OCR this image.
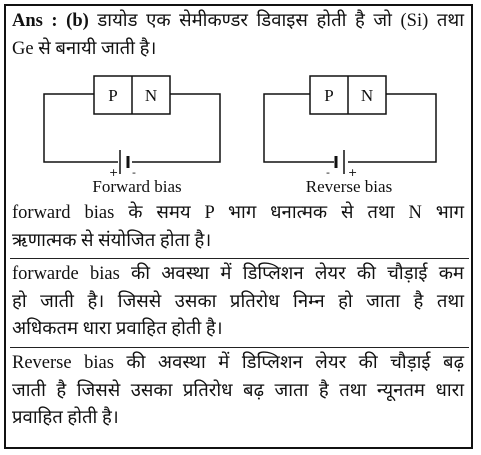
Ans : (b) डायोड एक सेमीकण्डर डिवाइस होती है जो (Si) तथा
Ge से बनायी जाती है।
P N
+ -
Forward bias
P N
- +
Reverse bias
forward bias के समय P भाग धनात्मक से तथा N भाग
ऋणात्मक से संयोजित होता है।
forwarde bias की अवस्था में डिप्लिशन लेयर की चौड़ाई कम
हो जाती है। जिससे उसका प्रतिरोध निम्न हो जाता है तथा
अधिकतम धारा प्रवाहित होती है।
Reverse bias की अवस्था में डिप्लिशन लेयर की चौड़ाई बढ़
जाती है जिससे उसका प्रतिरोध बढ़ जाता है तथा न्यूनतम धारा
प्रवाहित होती है।
